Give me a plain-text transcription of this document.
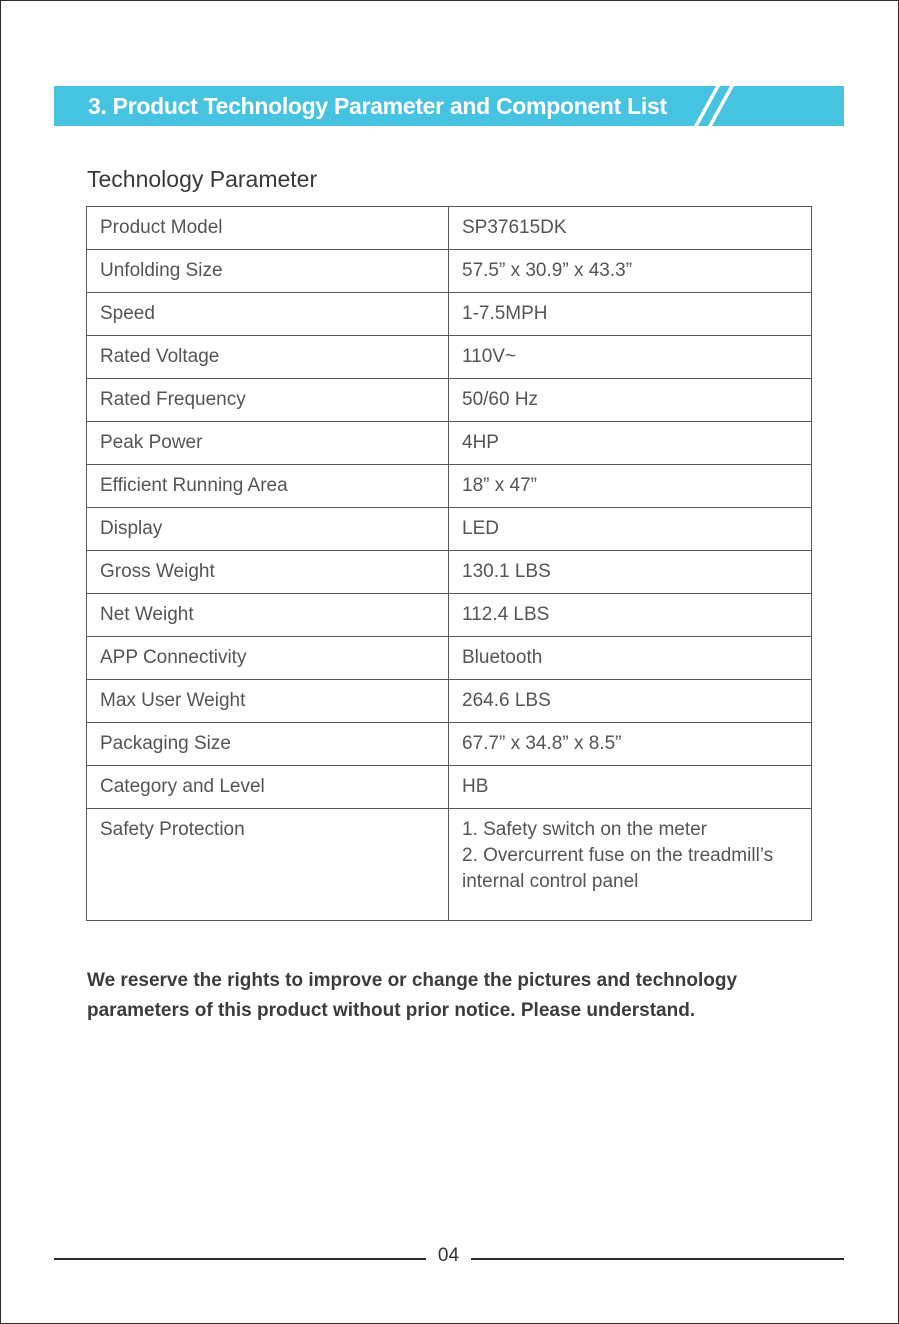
3. Product Technology Parameter and Component List
Technology Parameter
Product Model	SP37615DK
Unfolding Size	57.5” x 30.9” x 43.3”
Speed	1-7.5MPH
Rated Voltage	110V~
Rated Frequency	50/60 Hz
Peak Power	4HP
Efficient Running Area	18” x 47”
Display	LED
Gross Weight	130.1 LBS
Net Weight	112.4 LBS
APP Connectivity	Bluetooth
Max User Weight	264.6 LBS
Packaging Size	67.7” x 34.8” x 8.5”
Category and Level	HB
Safety Protection	1. Safety switch on the meter
2. Overcurrent fuse on the treadmill’s
internal control panel
We reserve the rights to improve or change the pictures and technology parameters of this product without prior notice. Please understand.
04
